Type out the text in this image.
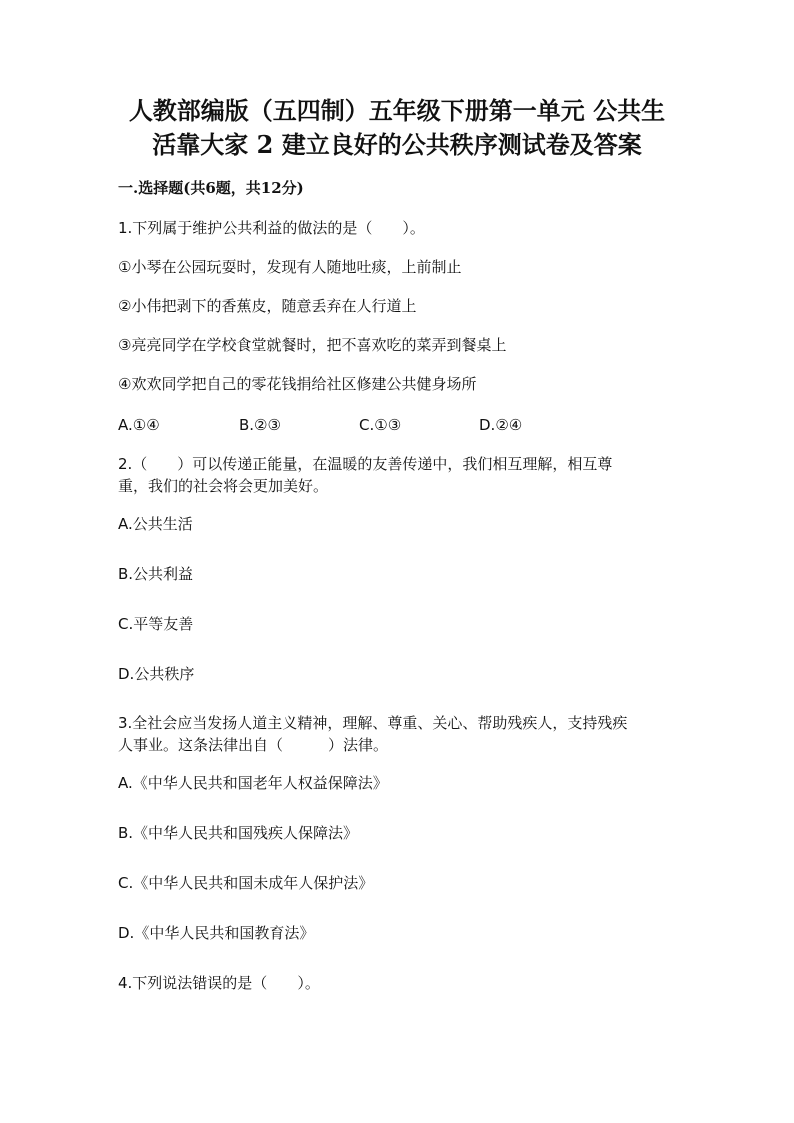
人教部编版（五四制）五年级下册第一单元 公共生
活靠大家 2 建立良好的公共秩序测试卷及答案
一.选择题(共6题，共12分)
1.下列属于维护公共利益的做法的是（　　）。
①小琴在公园玩耍时，发现有人随地吐痰，上前制止
②小伟把剥下的香蕉皮，随意丢弃在人行道上
③亮亮同学在学校食堂就餐时，把不喜欢吃的菜弄到餐桌上
④欢欢同学把自己的零花钱捐给社区修建公共健身场所
A.①④	B.②③	C.①③	D.②④
2.（　　）可以传递正能量，在温暖的友善传递中，我们相互理解，相互尊
重，我们的社会将会更加美好。
A.公共生活
B.公共利益
C.平等友善
D.公共秩序
3.全社会应当发扬人道主义精神，理解、尊重、关心、帮助残疾人，支持残疾
人事业。这条法律出自（　　　）法律。
A.《中华人民共和国老年人权益保障法》
B.《中华人民共和国残疾人保障法》
C.《中华人民共和国未成年人保护法》
D.《中华人民共和国教育法》
4.下列说法错误的是（　　）。
